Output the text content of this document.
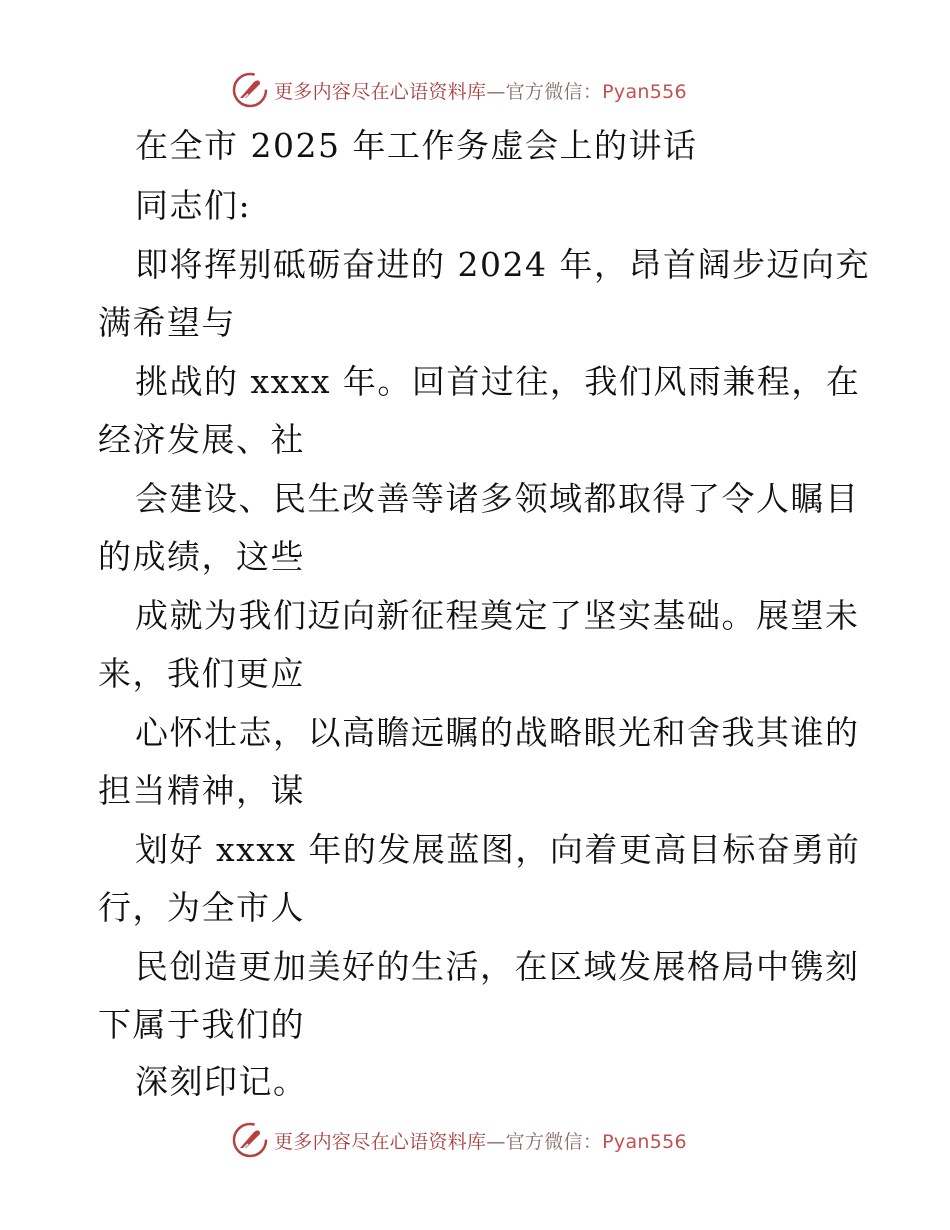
更多内容尽在心语资料库—官方微信：Pyan556
在全市 2025 年工作务虚会上的讲话
同志们:
即将挥别砥砺奋进的 2024 年，昂首阔步迈向充
满希望与
挑战的 xxxx 年。回首过往，我们风雨兼程，在
经济发展、社
会建设、民生改善等诸多领域都取得了令人瞩目
的成绩，这些
成就为我们迈向新征程奠定了坚实基础。展望未
来，我们更应
心怀壮志，以高瞻远瞩的战略眼光和舍我其谁的
担当精神，谋
划好 xxxx 年的发展蓝图，向着更高目标奋勇前
行，为全市人
民创造更加美好的生活，在区域发展格局中镌刻
下属于我们的
深刻印记。
更多内容尽在心语资料库—官方微信：Pyan556
